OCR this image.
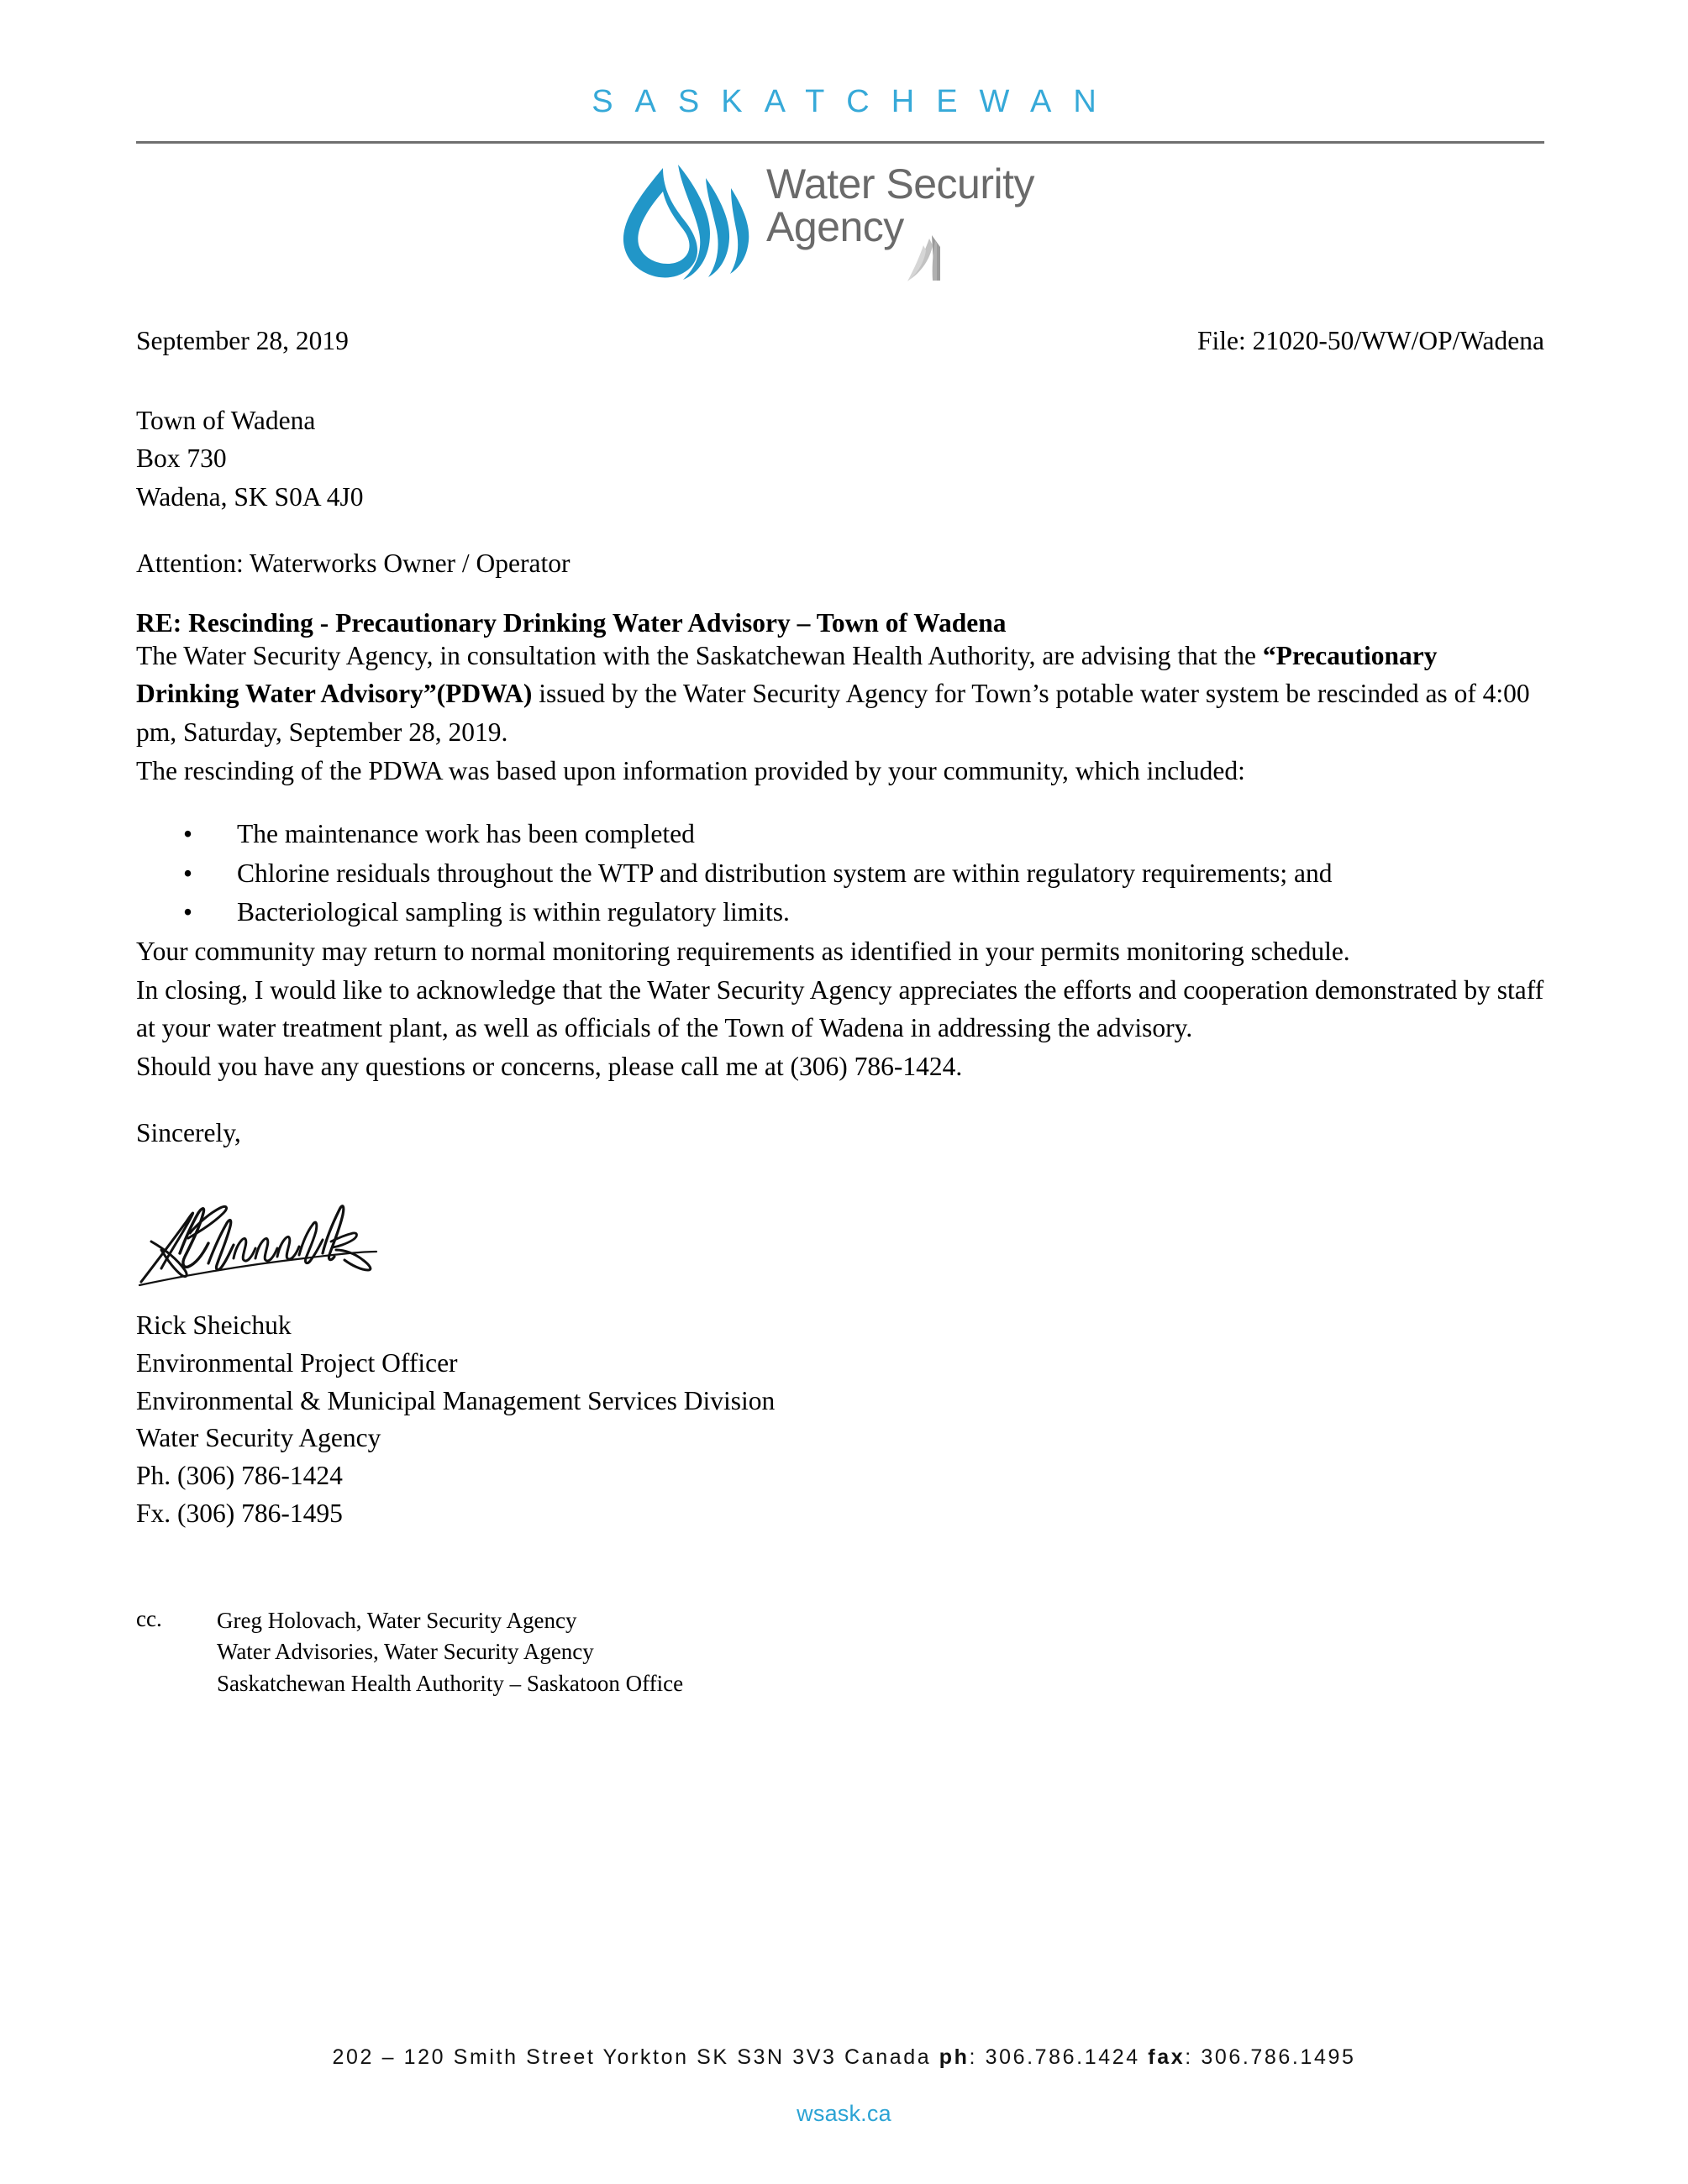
SASKATCHEWAN
Water Security
Agency
September 28, 2019	File: 21020-50/WW/OP/Wadena
Town of Wadena
Box 730
Wadena, SK S0A 4J0
Attention: Waterworks Owner / Operator
RE: Rescinding - Precautionary Drinking Water Advisory – Town of Wadena

The Water Security Agency, in consultation with the Saskatchewan Health Authority, are advising that the “Precautionary Drinking Water Advisory”(PDWA) issued by the Water Security Agency for Town’s potable water system be rescinded as of 4:00 pm, Saturday, September 28, 2019.

The rescinding of the PDWA was based upon information provided by your community, which included:

• The maintenance work has been completed
• Chlorine residuals throughout the WTP and distribution system are within regulatory requirements; and
• Bacteriological sampling is within regulatory limits.

Your community may return to normal monitoring requirements as identified in your permits monitoring schedule.

In closing, I would like to acknowledge that the Water Security Agency appreciates the efforts and cooperation demonstrated by staff at your water treatment plant, as well as officials of the Town of Wadena in addressing the advisory.

Should you have any questions or concerns, please call me at (306) 786-1424.

Sincerely,
Rick Sheichuk
Environmental Project Officer
Environmental & Municipal Management Services Division
Water Security Agency
Ph. (306) 786-1424
Fx. (306) 786-1495
cc.	Greg Holovach, Water Security Agency
Water Advisories, Water Security Agency
Saskatchewan Health Authority – Saskatoon Office
202 – 120 Smith Street Yorkton SK S3N 3V3 Canada ph: 306.786.1424 fax: 306.786.1495
wsask.ca
